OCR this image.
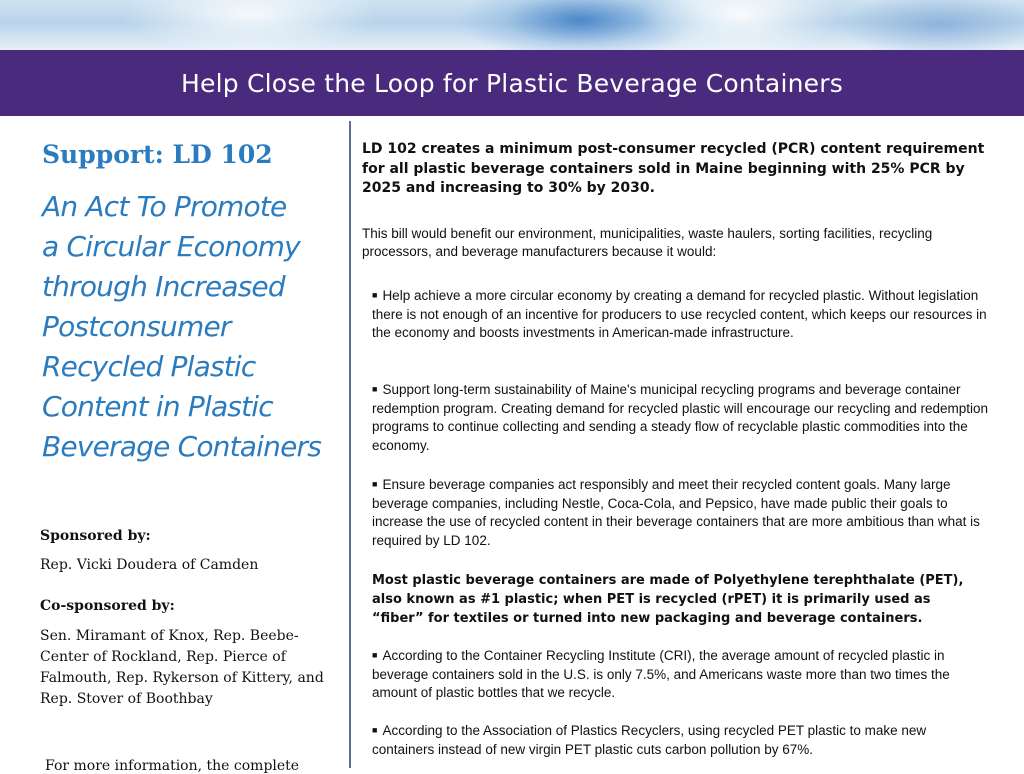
Help Close the Loop for Plastic Beverage Containers
Support: LD 102
An Act To Promote
a Circular Economy
through Increased
Postconsumer
Recycled Plastic
Content in Plastic
Beverage Containers
Sponsored by:
Rep. Vicki Doudera of Camden
Co-sponsored by:
Sen. Miramant of Knox, Rep. Beebe-Center of Rockland, Rep. Pierce of Falmouth, Rep. Rykerson of Kittery, and Rep. Stover of Boothbay
For more information, the complete

LD 102 creates a minimum post-consumer recycled (PCR) content requirement for all plastic beverage containers sold in Maine beginning with 25% PCR by 2025 and increasing to 30% by 2030.

This bill would benefit our environment, municipalities, waste haulers, sorting facilities, recycling processors, and beverage manufacturers because it would:

■ Help achieve a more circular economy by creating a demand for recycled plastic. Without legislation there is not enough of an incentive for producers to use recycled content, which keeps our resources in the economy and boosts investments in American-made infrastructure.
■ Support long-term sustainability of Maine's municipal recycling programs and beverage container redemption program. Creating demand for recycled plastic will encourage our recycling and redemption programs to continue collecting and sending a steady flow of recyclable plastic commodities into the economy.
■ Ensure beverage companies act responsibly and meet their recycled content goals. Many large beverage companies, including Nestle, Coca-Cola, and Pepsico, have made public their goals to increase the use of recycled content in their beverage containers that are more ambitious than what is required by LD 102.
Most plastic beverage containers are made of Polyethylene terephthalate (PET), also known as #1 plastic; when PET is recycled (rPET) it is primarily used as “fiber” for textiles or turned into new packaging and beverage containers.
■ According to the Container Recycling Institute (CRI), the average amount of recycled plastic in beverage containers sold in the U.S. is only 7.5%, and Americans waste more than two times the amount of plastic bottles that we recycle.
■ According to the Association of Plastics Recyclers, using recycled PET plastic to make new containers instead of new virgin PET plastic cuts carbon pollution by 67%.
